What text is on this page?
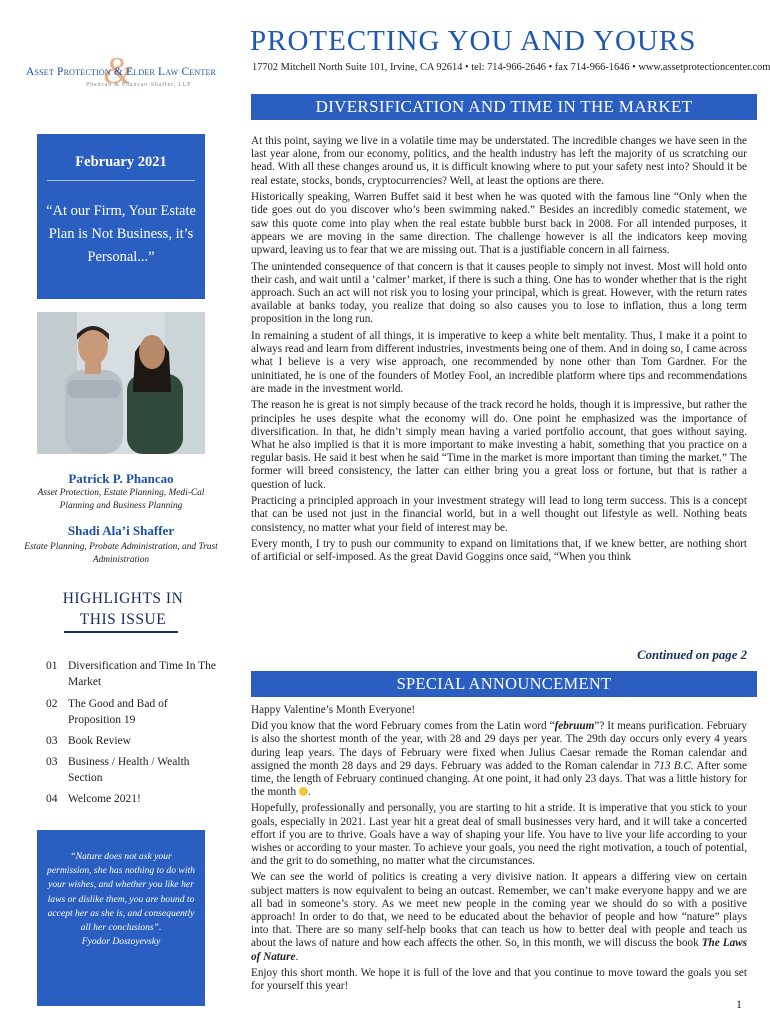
&
Asset Protection & Elder Law Center
Phancao & Phancao-Shaffer, LLP
PROTECTING YOU AND YOURS
17702 Mitchell North Suite 101, Irvine, CA 92614 • tel: 714-966-2646 • fax 714-966-1646 • www.assetprotectioncenter.com
DIVERSIFICATION AND TIME IN THE MARKET
February 2021
“At our Firm, Your Estate Plan is Not Business, it’s Personal...”
Patrick P. Phancao
Asset Protection, Estate Planning, Medi-Cal Planning and Business Planning
Shadi Ala’i Shaffer
Estate Planning, Probate Administration, and Trust Administration
HIGHLIGHTS IN THIS ISSUE
01 Diversification and Time In The Market
02 The Good and Bad of Proposition 19
03 Book Review
03 Business / Health / Wealth Section
04 Welcome 2021!
“Nature does not ask your permission, she has nothing to do with your wishes, and whether you like her laws or dislike them, you are bound to accept her as she is, and consequently all her conclusions”.
Fyodor Dostoyevsky

At this point, saying we live in a volatile time may be understated. The incredible changes we have seen in the last year alone, from our economy, politics, and the health industry has left the majority of us scratching our head. With all these changes around us, it is difficult knowing where to put your safety nest into? Should it be real estate, stocks, bonds, cryptocurrencies? Well, at least the options are there.

Historically speaking, Warren Buffet said it best when he was quoted with the famous line “Only when the tide goes out do you discover who’s been swimming naked.” Besides an incredibly comedic statement, we saw this quote come into play when the real estate bubble burst back in 2008. For all intended purposes, it appears we are moving in the same direction. The challenge however is all the indicators keep moving upward, leaving us to fear that we are missing out. That is a justifiable concern in all fairness.

The unintended consequence of that concern is that it causes people to simply not invest. Most will hold onto their cash, and wait until a ‘calmer’ market, if there is such a thing. One has to wonder whether that is the right approach. Such an act will not risk you to losing your principal, which is great. However, with the return rates available at banks today, you realize that doing so also causes you to lose to inflation, thus a long term proposition in the long run.

In remaining a student of all things, it is imperative to keep a white belt mentality. Thus, I make it a point to always read and learn from different industries, investments being one of them. And in doing so, I came across what I believe is a very wise approach, one recommended by none other than Tom Gardner. For the uninitiated, he is one of the founders of Motley Fool, an incredible platform where tips and recommendations are made in the investment world.

The reason he is great is not simply because of the track record he holds, though it is impressive, but rather the principles he uses despite what the economy will do. One point he emphasized was the importance of diversification. In that, he didn’t simply mean having a varied portfolio account, that goes without saying. What he also implied is that it is more important to make investing a habit, something that you practice on a regular basis. He said it best when he said “Time in the market is more important than timing the market.” The former will breed consistency, the latter can either bring you a great loss or fortune, but that is rather a question of luck.

Practicing a principled approach in your investment strategy will lead to long term success. This is a concept that can be used not just in the financial world, but in a well thought out lifestyle as well. Nothing beats consistency, no matter what your field of interest may be.

Every month, I try to push our community to expand on limitations that, if we knew better, are nothing short of artificial or self-imposed. As the great David Goggins once said, “When you think

Continued on page 2
SPECIAL ANNOUNCEMENT

Happy Valentine’s Month Everyone!

Did you know that the word February comes from the Latin word “februum”? It means purification. February is also the shortest month of the year, with 28 and 29 days per year. The 29th day occurs only every 4 years during leap years. The days of February were fixed when Julius Caesar remade the Roman calendar and assigned the month 28 days and 29 days. February was added to the Roman calendar in 713 B.C. After some time, the length of February continued changing. At one point, it had only 23 days. That was a little history for the month .

Hopefully, professionally and personally, you are starting to hit a stride. It is imperative that you stick to your goals, especially in 2021. Last year hit a great deal of small businesses very hard, and it will take a concerted effort if you are to thrive. Goals have a way of shaping your life. You have to live your life according to your wishes or according to your master. To achieve your goals, you need the right motivation, a touch of potential, and the grit to do something, no matter what the circumstances.

We can see the world of politics is creating a very divisive nation. It appears a differing view on certain subject matters is now equivalent to being an outcast. Remember, we can’t make everyone happy and we are all bad in someone’s story. As we meet new people in the coming year we should do so with a positive approach! In order to do that, we need to be educated about the behavior of people and how “nature” plays into that. There are so many self-help books that can teach us how to better deal with people and teach us about the laws of nature and how each affects the other. So, in this month, we will discuss the book The Laws of Nature.

Enjoy this short month. We hope it is full of the love and that you continue to move toward the goals you set for yourself this year!

1
